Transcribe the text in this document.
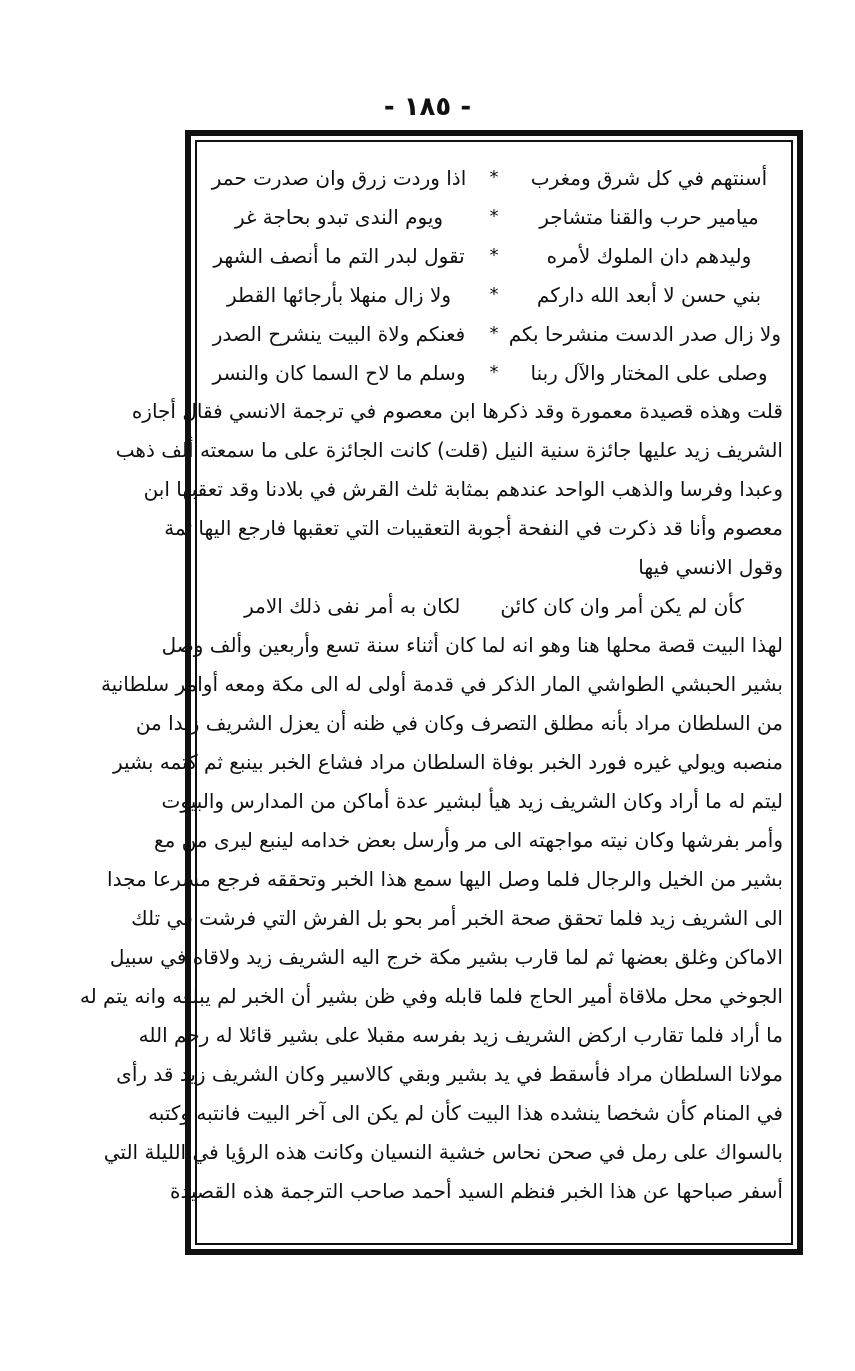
- ١٨٥ -
أسنتهم في كل شرق ومغرب
*
اذا وردت زرق وان صدرت حمر
ميامير حرب والقنا متشاجر
*
ويوم الندى تبدو بحاجة غر
وليدهم دان الملوك لأمره
*
تقول لبدر التم ما أنصف الشهر
بني حسن لا أبعد الله داركم
*
ولا زال منهلا بأرجائها القطر
ولا زال صدر الدست منشرحا بكم
*
فعنكم ولاة البيت ينشرح الصدر
وصلى على المختار والآل ربنا
*
وسلم ما لاح السما كان والنسر
قلت وهذه قصيدة معمورة وقد ذكرها ابن معصوم في ترجمة الانسي فقال أجازه
الشريف زيد عليها جائزة سنية النيل (قلت) كانت الجائزة على ما سمعته ألف ذهب
وعبدا وفرسا والذهب الواحد عندهم بمثابة ثلث القرش في بلادنا وقد تعقبها ابن
معصوم وأنا قد ذكرت في النفحة أجوبة التعقيبات التي تعقبها فارجع اليها ثمة
وقول الانسي فيها
كأن لم يكن أمر وان كان كائن
لكان به أمر نفى ذلك الامر
لهذا البيت قصة محلها هنا وهو انه لما كان أثناء سنة تسع وأربعين وألف وصل
بشير الحبشي الطواشي المار الذكر في قدمة أولى له الى مكة ومعه أوامر سلطانية
من السلطان مراد بأنه مطلق التصرف وكان في ظنه أن يعزل الشريف زيدا من
منصبه ويولي غيره فورد الخبر بوفاة السلطان مراد فشاع الخبر بينبع ثم كتمه بشير
ليتم له ما أراد وكان الشريف زيد هيأ لبشير عدة أماكن من المدارس والبيوت
وأمر بفرشها وكان نيته مواجهته الى مر وأرسل بعض خدامه لينبع ليرى من مع
بشير من الخيل والرجال فلما وصل اليها سمع هذا الخبر وتحققه فرجع مسرعا مجدا
الى الشريف زيد فلما تحقق صحة الخبر أمر بحو بل الفرش التي فرشت في تلك
الاماكن وغلق بعضها ثم لما قارب بشير مكة خرج اليه الشريف زيد ولاقاه في سبيل
الجوخي محل ملاقاة أمير الحاج فلما قابله وفي ظن بشير أن الخبر لم يبلغه وانه يتم له
ما أراد فلما تقارب اركض الشريف زيد بفرسه مقبلا على بشير قائلا له رحم الله
مولانا السلطان مراد فأسقط في يد بشير وبقي كالاسير وكان الشريف زيد قد رأى
في المنام كأن شخصا ينشده هذا البيت كأن لم يكن الى آخر البيت فانتبه وكتبه
بالسواك على رمل في صحن نحاس خشية النسيان وكانت هذه الرؤيا في الليلة التي
أسفر صباحها عن هذا الخبر فنظم السيد أحمد صاحب الترجمة هذه القصيدة
